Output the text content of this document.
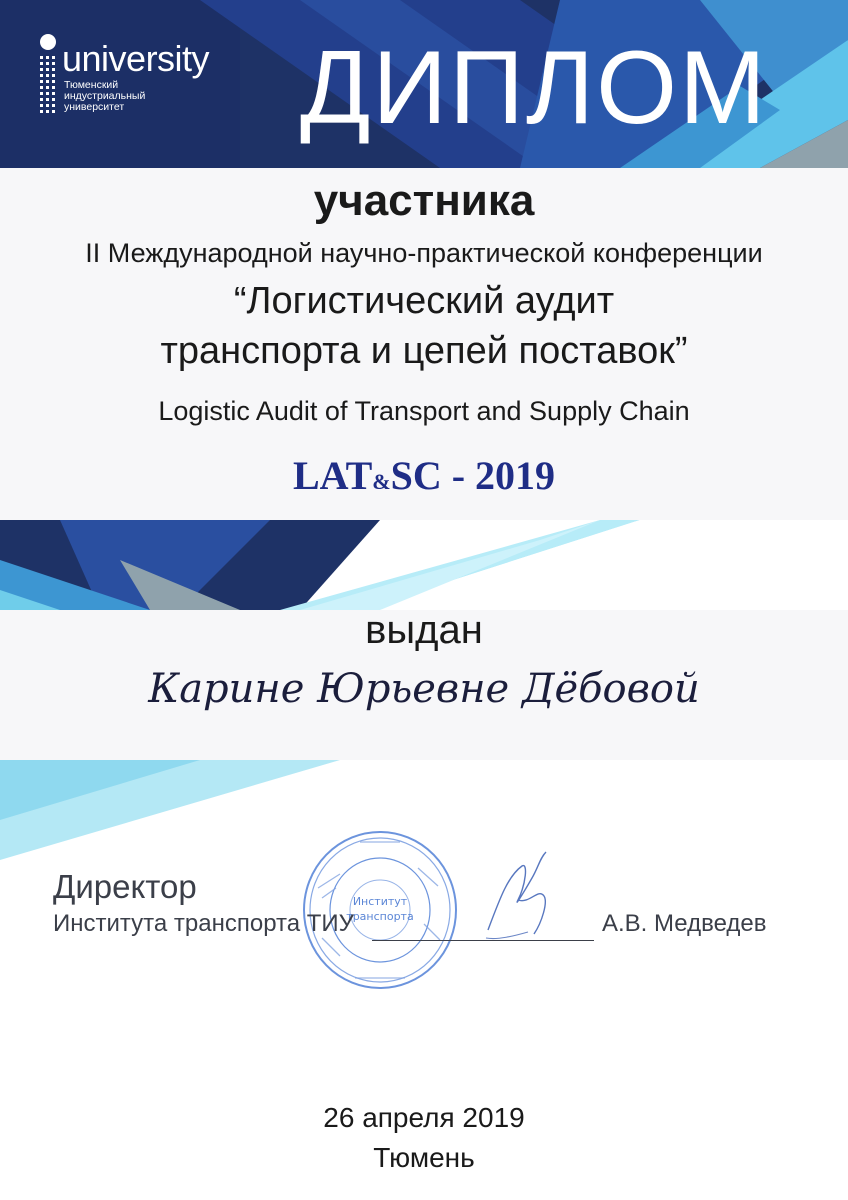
university
Тюменский
индустриальный
университет ДИПЛОМ
участника
II Международной научно-практической конференции
“Логистический аудит
транспорта и цепей поставок”
Logistic Audit of Transport and Supply Chain
LAT&SC - 2019
выдан
Карине Юрьевне Дёбовой
Институт
транспорта
Директор
Института транспорта ТИУ	А.В. Медведев
26 апреля 2019
Тюмень
